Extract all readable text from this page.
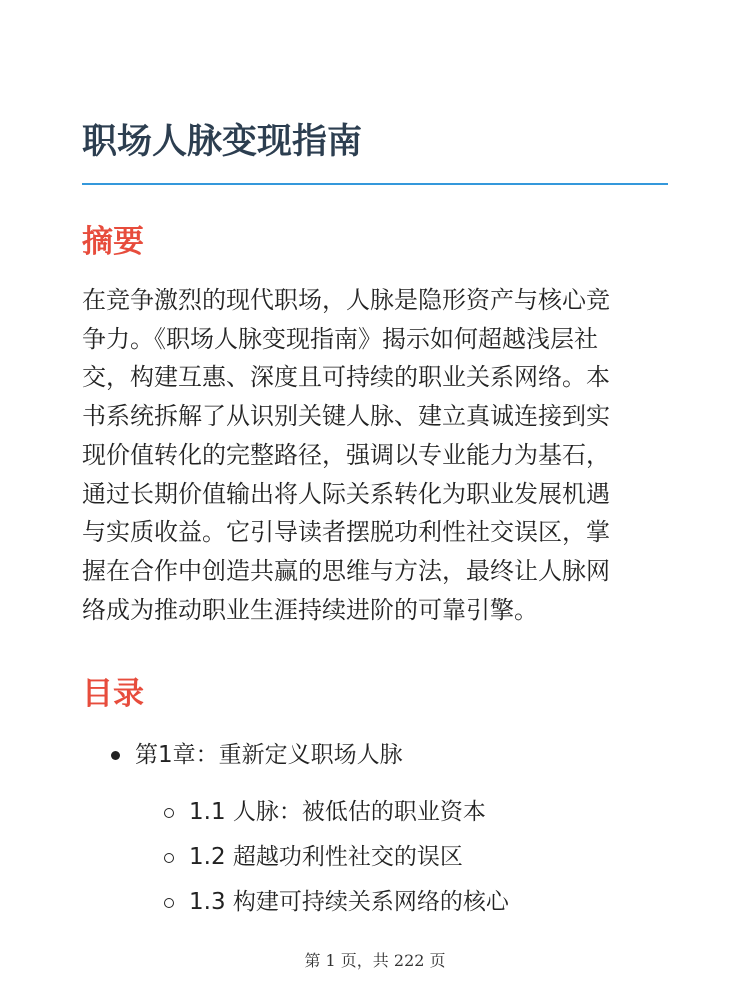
职场人脉变现指南
摘要

在竞争激烈的现代职场，人脉是隐形资产与核心竞
争力。《职场人脉变现指南》揭示如何超越浅层社
交，构建互惠、深度且可持续的职业关系网络。本
书系统拆解了从识别关键人脉、建立真诚连接到实
现价值转化的完整路径，强调以专业能力为基石，
通过长期价值输出将人际关系转化为职业发展机遇
与实质收益。它引导读者摆脱功利性社交误区，掌
握在合作中创造共赢的思维与方法，最终让人脉网
络成为推动职业生涯持续进阶的可靠引擎。

目录
第1章：重新定义职场人脉
1.1 人脉：被低估的职业资本
1.2 超越功利性社交的误区
1.3 构建可持续关系网络的核心
第 1 页，共 222 页
